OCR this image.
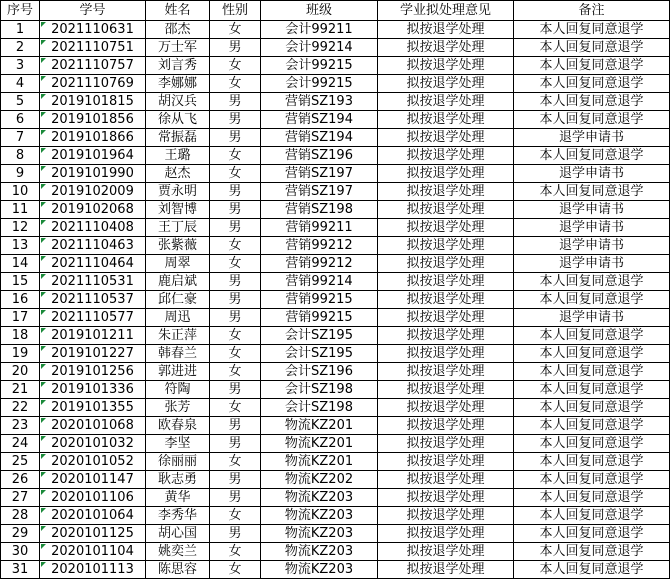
序号	学号	姓名	性别	班级	学业拟处理意见	备注
1	2021110631	邵杰	女	会计99211	拟按退学处理	本人回复同意退学
2	2021110751	万士军	男	会计99214	拟按退学处理	本人回复同意退学
3	2021110757	刘言秀	女	会计99215	拟按退学处理	本人回复同意退学
4	2021110769	李娜娜	女	会计99215	拟按退学处理	本人回复同意退学
5	2019101815	胡汉兵	男	营销SZ193	拟按退学处理	本人回复同意退学
6	2019101856	徐从飞	男	营销SZ194	拟按退学处理	本人回复同意退学
7	2019101866	常振磊	男	营销SZ194	拟按退学处理	退学申请书
8	2019101964	王璐	女	营销SZ196	拟按退学处理	本人回复同意退学
9	2019101990	赵杰	女	营销SZ197	拟按退学处理	退学申请书
10	2019102009	贾永明	男	营销SZ197	拟按退学处理	本人回复同意退学
11	2019102068	刘智博	男	营销SZ198	拟按退学处理	退学申请书
12	2021110408	王丁辰	男	营销99211	拟按退学处理	退学申请书
13	2021110463	张紫薇	女	营销99212	拟按退学处理	退学申请书
14	2021110464	周翠	女	营销99212	拟按退学处理	退学申请书
15	2021110531	鹿启斌	男	营销99214	拟按退学处理	本人回复同意退学
16	2021110537	邱仁豪	男	营销99215	拟按退学处理	本人回复同意退学
17	2021110577	周迅	男	营销99215	拟按退学处理	退学申请书
18	2019101211	朱正萍	女	会计SZ195	拟按退学处理	本人回复同意退学
19	2019101227	韩春兰	女	会计SZ195	拟按退学处理	本人回复同意退学
20	2019101256	郭进进	女	会计SZ196	拟按退学处理	本人回复同意退学
21	2019101336	符陶	男	会计SZ198	拟按退学处理	本人回复同意退学
22	2019101355	张芳	女	会计SZ198	拟按退学处理	本人回复同意退学
23	2020101068	欧春泉	男	物流KZ201	拟按退学处理	本人回复同意退学
24	2020101032	李坚	男	物流KZ201	拟按退学处理	本人回复同意退学
25	2020101052	徐丽丽	女	物流KZ201	拟按退学处理	本人回复同意退学
26	2020101147	耿志勇	男	物流KZ202	拟按退学处理	本人回复同意退学
27	2020101106	黄华	男	物流KZ203	拟按退学处理	本人回复同意退学
28	2020101064	李秀华	女	物流KZ203	拟按退学处理	本人回复同意退学
29	2020101125	胡心国	男	物流KZ203	拟按退学处理	本人回复同意退学
30	2020101104	姚奕兰	女	物流KZ203	拟按退学处理	本人回复同意退学
31	2020101113	陈思容	女	物流KZ203	拟按退学处理	本人回复同意退学
